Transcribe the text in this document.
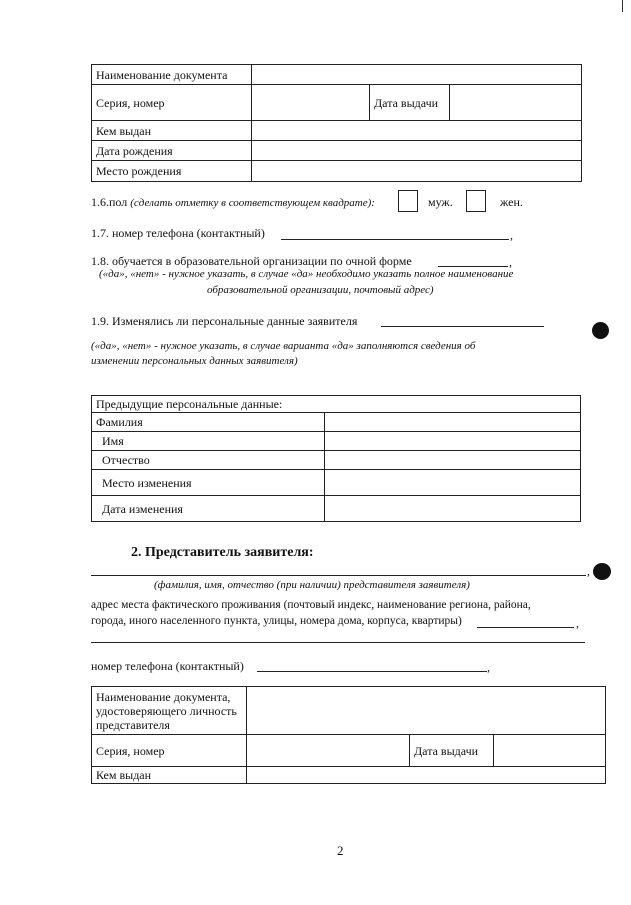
Наименование документа			
Серия, номер		Дата выдачи	
Кем выдан			
Дата рождения			
Место рождения			
1.6.пол (сделать отметку в соответствующем квадрате):	муж.	жен.
1.7. номер телефона (контактный)	,
1.8. обучается в образовательной организации по очной форме	,
(«да», «нет» - нужное указать, в случае «да» необходимо указать полное наименование
образовательной организации, почтовый адрес)
1.9. Изменялись ли персональные данные заявителя
(«да», «нет» - нужное указать, в случае варианта «да» заполняются сведения об
изменении персональных данных заявителя)
Предыдущие персональные данные:	
Фамилия	
Имя	
Отчество	
Место изменения	
Дата изменения	
2. Представитель заявителя:
,
(фамилия, имя, отчество (при наличии) представителя заявителя)
адрес места фактического проживания (почтовый индекс, наименование региона, района,
города, иного населенного пункта, улицы, номера дома, корпуса, квартиры)	,
номер телефона (контактный)	,
Наименование документа, удостоверяющего личность представителя			
Серия, номер		Дата выдачи	
Кем выдан			
2
